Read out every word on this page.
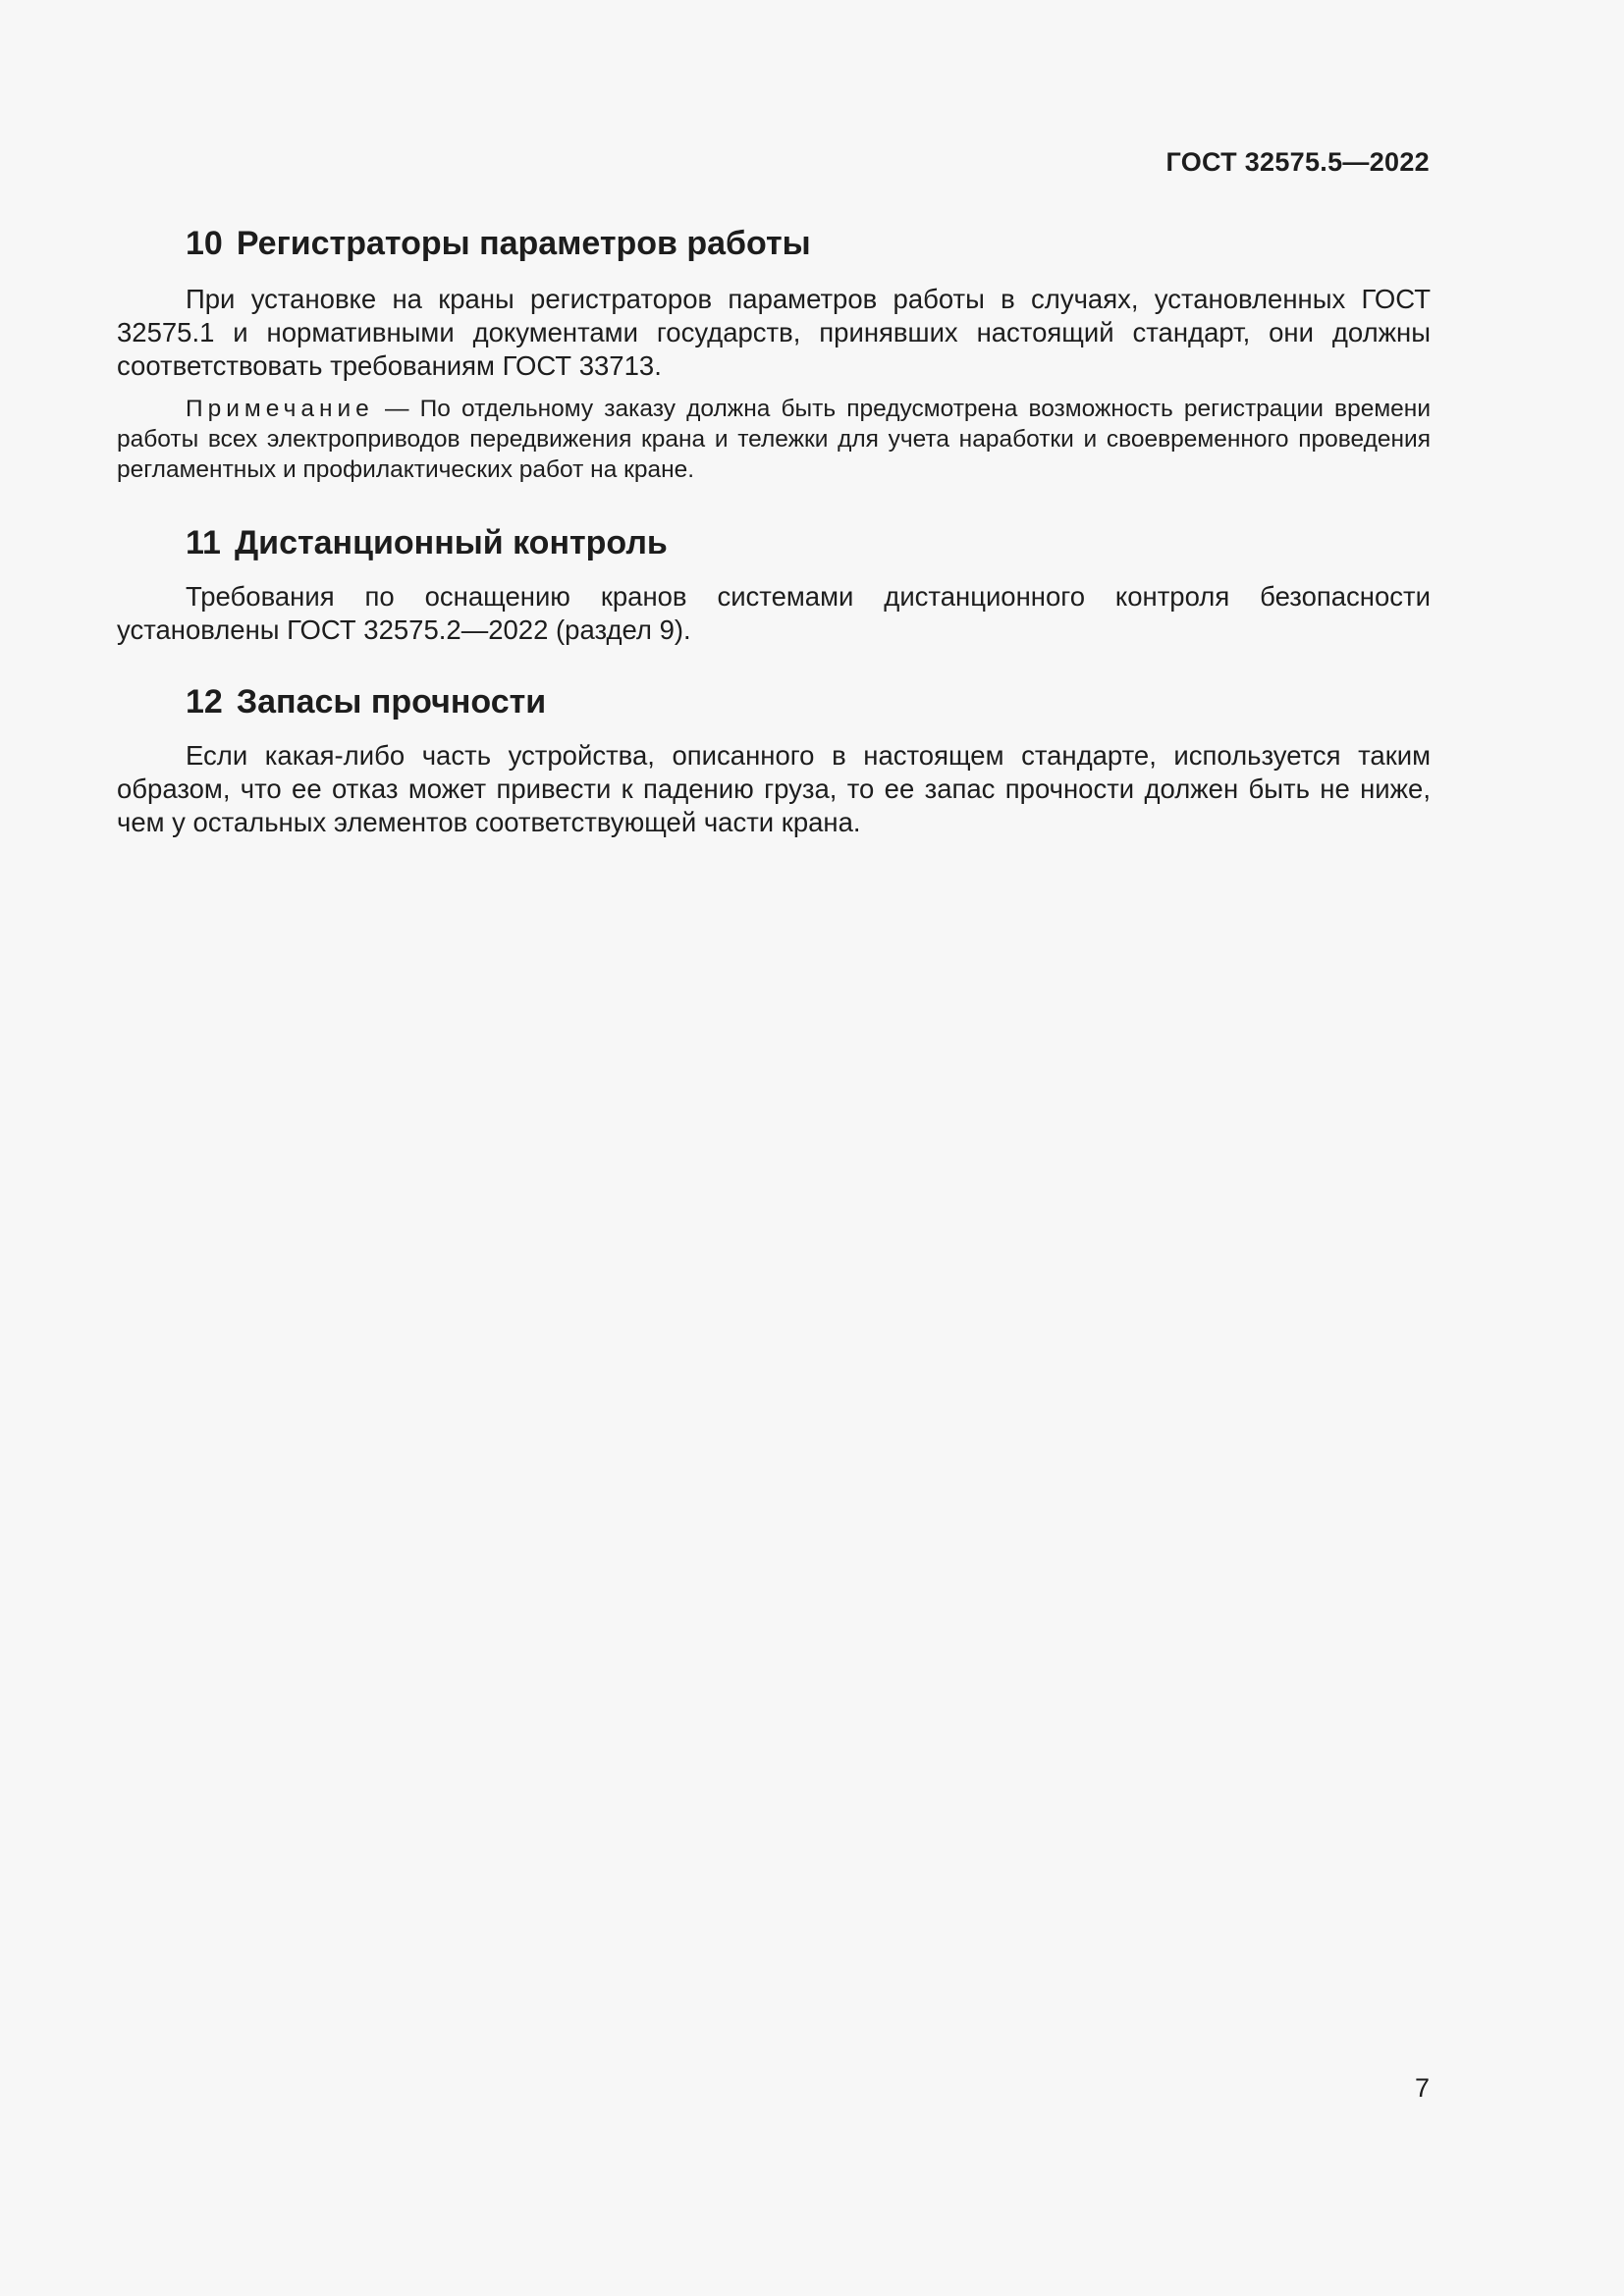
ГОСТ 32575.5—2022
10 Регистраторы параметров работы

При установке на краны регистраторов параметров работы в случаях, установленных ГОСТ 32575.1 и нормативными документами государств, принявших настоящий стандарт, они должны соответствовать требованиям ГОСТ 33713.

Примечание — По отдельному заказу должна быть предусмотрена возможность регистрации времени работы всех электроприводов передвижения крана и тележки для учета наработки и своевременного проведения регламентных и профилактических работ на кране.

11 Дистанционный контроль

Требования по оснащению кранов системами дистанционного контроля безопасности установлены ГОСТ 32575.2—2022 (раздел 9).

12 Запасы прочности

Если какая-либо часть устройства, описанного в настоящем стандарте, используется таким образом, что ее отказ может привести к падению груза, то ее запас прочности должен быть не ниже, чем у остальных элементов соответствующей части крана.

7
